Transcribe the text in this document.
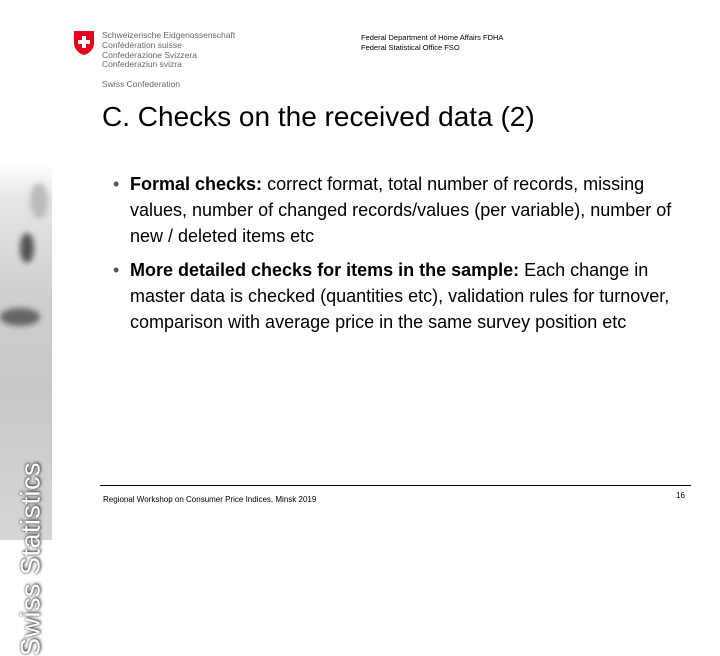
Swiss Statistics
Schweizerische Eidgenossenschaft
Confédération suisse
Confederazione Svizzera
Confederaziun svizra
Swiss Confederation
Federal Department of Home Affairs FDHA
Federal Statistical Office FSO
C. Checks on the received data (2)
• Formal checks: correct format, total number of records, missing values, number of changed records/values (per variable), number of new / deleted items etc
• More detailed checks for items in the sample: Each change in master data is checked (quantities etc), validation rules for turnover, comparison with average price in the same survey position etc
Regional Workshop on Consumer Price Indices, Minsk 2019	16
